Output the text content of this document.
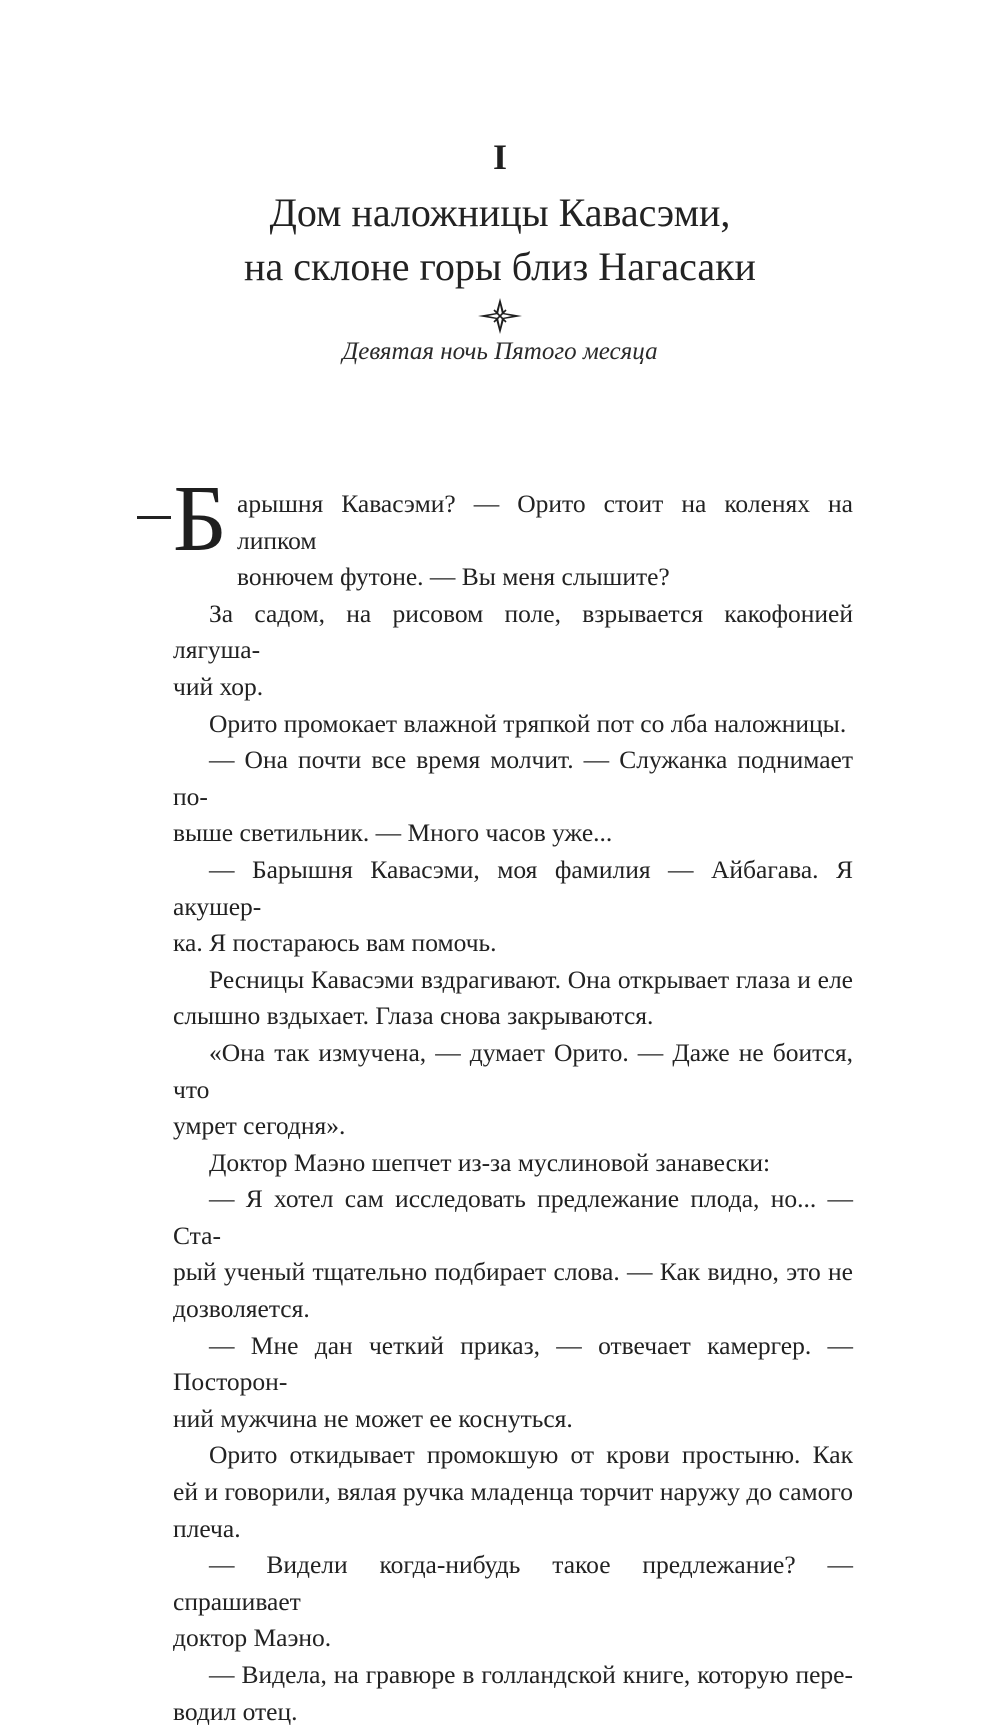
I
Дом наложницы Кавасэми,
на склоне горы близ Нагасаки
Девятая ночь Пятого месяца
Б арышня Кавасэми? — Орито стоит на коленях на липком
вонючем футоне. — Вы меня слышите?

За садом, на рисовом поле, взрывается какофонией лягуша-
чий хор.

Орито промокает влажной тряпкой пот со лба наложницы.

— Она почти все время молчит. — Служанка поднимает по-
выше светильник. — Много часов уже...

— Барышня Кавасэми, моя фамилия — Айбагава. Я акушер-
ка. Я постараюсь вам помочь.

Ресницы Кавасэми вздрагивают. Она открывает глаза и еле
слышно вздыхает. Глаза снова закрываются.

«Она так измучена, — думает Орито. — Даже не боится, что
умрет сегодня».

Доктор Маэно шепчет из-за муслиновой занавески:

— Я хотел сам исследовать предлежание плода, но... — Ста-
рый ученый тщательно подбирает слова. — Как видно, это не
дозволяется.

— Мне дан четкий приказ, — отвечает камергер. — Посторон-
ний мужчина не может ее коснуться.

Орито откидывает промокшую от крови простыню. Как
ей и говорили, вялая ручка младенца торчит наружу до самого
плеча.

— Видели когда-нибудь такое предлежание? — спрашивает
доктор Маэно.

— Видела, на гравюре в голландской книге, которую пере-
водил отец.
